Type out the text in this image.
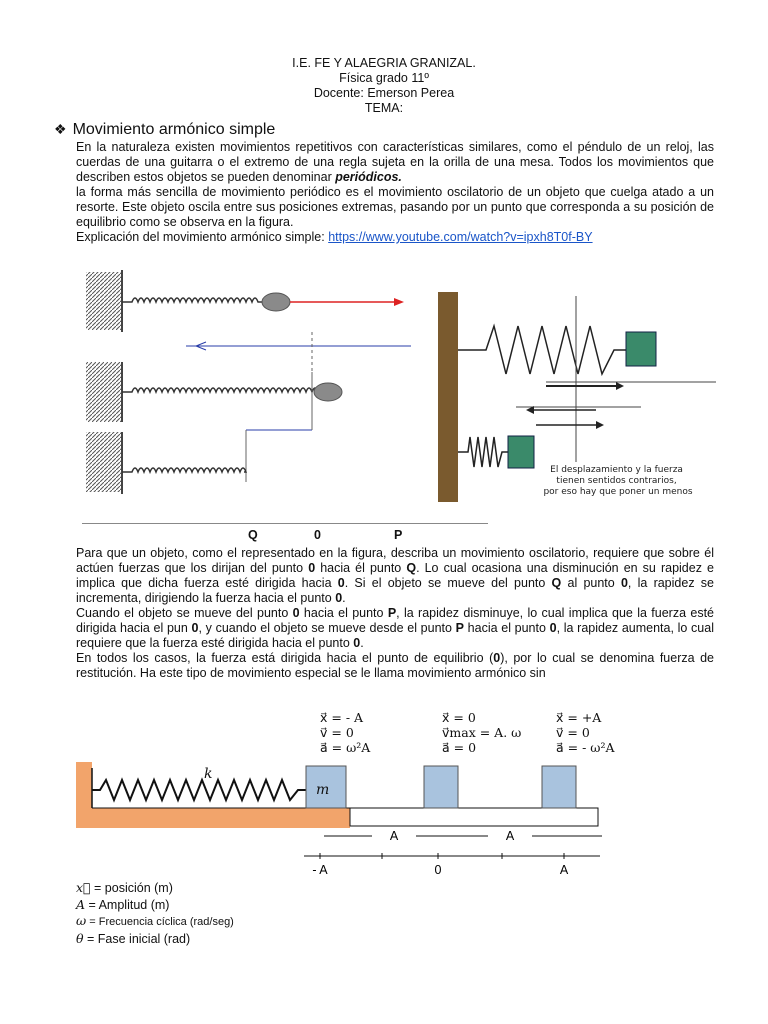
I.E. FE Y ALAEGRIA GRANIZAL.
Física grado 11º
Docente: Emerson Perea
TEMA:
❖ Movimiento armónico simple

En la naturaleza existen movimientos repetitivos con características similares, como el péndulo de un reloj, las cuerdas de una guitarra o el extremo de una regla sujeta en la orilla de una mesa. Todos los movimientos que describen estos objetos se pueden denominar periódicos.

la forma más sencilla de movimiento periódico es el movimiento oscilatorio de un objeto que cuelga atado a un resorte. Este objeto oscila entre sus posiciones extremas, pasando por un punto que corresponda a su posición de equilibrio como se observa en la figura.

Explicación del movimiento armónico simple: https://www.youtube.com/watch?v=ipxh8T0f-BY

El desplazamiento y la fuerza tienen sentidos contrarios, por eso hay que poner un menos
Q	0	P

Para que un objeto, como el representado en la figura, describa un movimiento oscilatorio, requiere que sobre él actúen fuerzas que los dirijan del punto 0 hacia él punto Q. Lo cual ocasiona una disminución en su rapidez e implica que dicha fuerza esté dirigida hacia 0. Si el objeto se mueve del punto Q al punto 0, la rapidez se incrementa, dirigiendo la fuerza hacia el punto 0.

Cuando el objeto se mueve del punto 0 hacia el punto P, la rapidez disminuye, lo cual implica que la fuerza esté dirigida hacia el pun 0, y cuando el objeto se mueve desde el punto P hacia el punto 0, la rapidez aumenta, lo cual requiere que la fuerza esté dirigida hacia el punto 0.

En todos los casos, la fuerza está dirigida hacia el punto de equilibrio (0), por lo cual se denomina fuerza de restitución. Ha este tipo de movimiento especial se le llama movimiento armónico sin

x⃗ = - A
v⃗ = 0
a⃗ = ω²A
x⃗ = 0
v⃗max = A. ω
a⃗ = 0
x⃗ = +A
v⃗ = 0
a⃗ = - ω²A
k
m
A	A
- A	0	A
x⃗ = posición (m)
A = Amplitud (m)
ω = Frecuencia cíclica (rad/seg)
θ = Fase inicial (rad)
